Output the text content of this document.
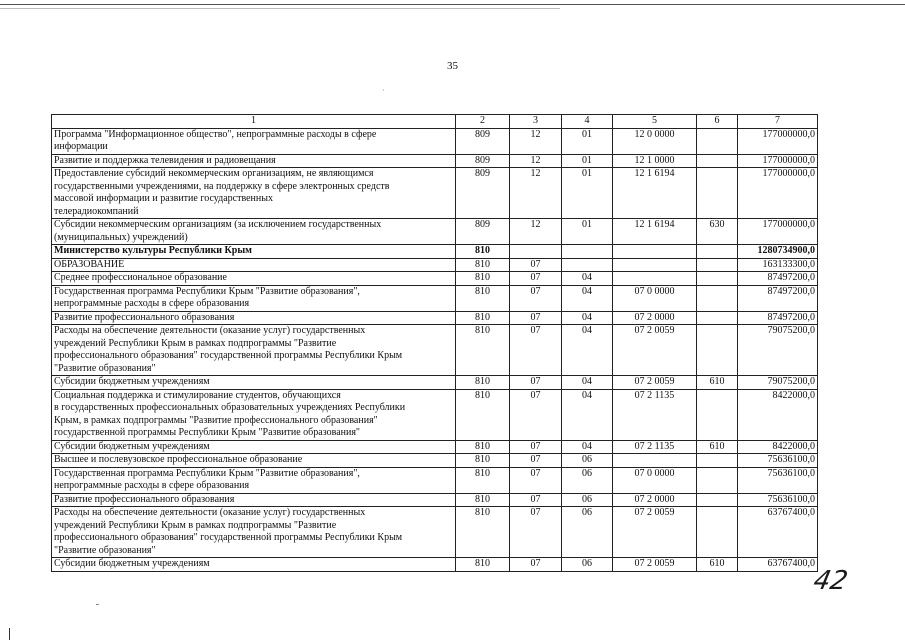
35
·
1	2	3	4	5	6	7
Программа "Информационное общество", непрограммные расходы в сфере
информации	809	12	01	12 0 0000		177000000,0
Развитие и поддержка телевидения и радиовещания	809	12	01	12 1 0000		177000000,0
Предоставление субсидий некоммерческим организациям, не являющимся
государственными учреждениями, на поддержку в сфере электронных средств
массовой информации и развитие государственных
телерадиокомпаний	809	12	01	12 1 6194		177000000,0
Субсидии некоммерческим организациям (за исключением государственных
(муниципальных) учреждений)	809	12	01	12 1 6194	630	177000000,0
Министерство культуры Республики Крым	810					1280734900,0
ОБРАЗОВАНИЕ	810	07				163133300,0
Среднее профессиональное образование	810	07	04			87497200,0
Государственная программа Республики Крым "Развитие образования",
непрограммные расходы в сфере образования	810	07	04	07 0 0000		87497200,0
Развитие профессионального образования	810	07	04	07 2 0000		87497200,0
Расходы на обеспечение деятельности (оказание услуг) государственных
учреждений Республики Крым в рамках подпрограммы "Развитие
профессионального образования" государственной программы Республики Крым
"Развитие образования"	810	07	04	07 2 0059		79075200,0
Субсидии бюджетным учреждениям	810	07	04	07 2 0059	610	79075200,0
Социальная поддержка и стимулирование студентов, обучающихся
в государственных профессиональных образовательных учреждениях Республики
Крым, в рамках подпрограммы "Развитие профессионального образования"
государственной программы Республики Крым "Развитие образования"	810	07	04	07 2 1135		8422000,0
Субсидии бюджетным учреждениям	810	07	04	07 2 1135	610	8422000,0
Высшее и послевузовское профессиональное образование	810	07	06			75636100,0
Государственная программа Республики Крым "Развитие образования",
непрограммные расходы в сфере образования	810	07	06	07 0 0000		75636100,0
Развитие профессионального образования	810	07	06	07 2 0000		75636100,0
Расходы на обеспечение деятельности (оказание услуг) государственных
учреждений Республики Крым в рамках подпрограммы "Развитие
профессионального образования" государственной программы Республики Крым
"Развитие образования"	810	07	06	07 2 0059		63767400,0
Субсидии бюджетным учреждениям	810	07	06	07 2 0059	610	63767400,0
42
